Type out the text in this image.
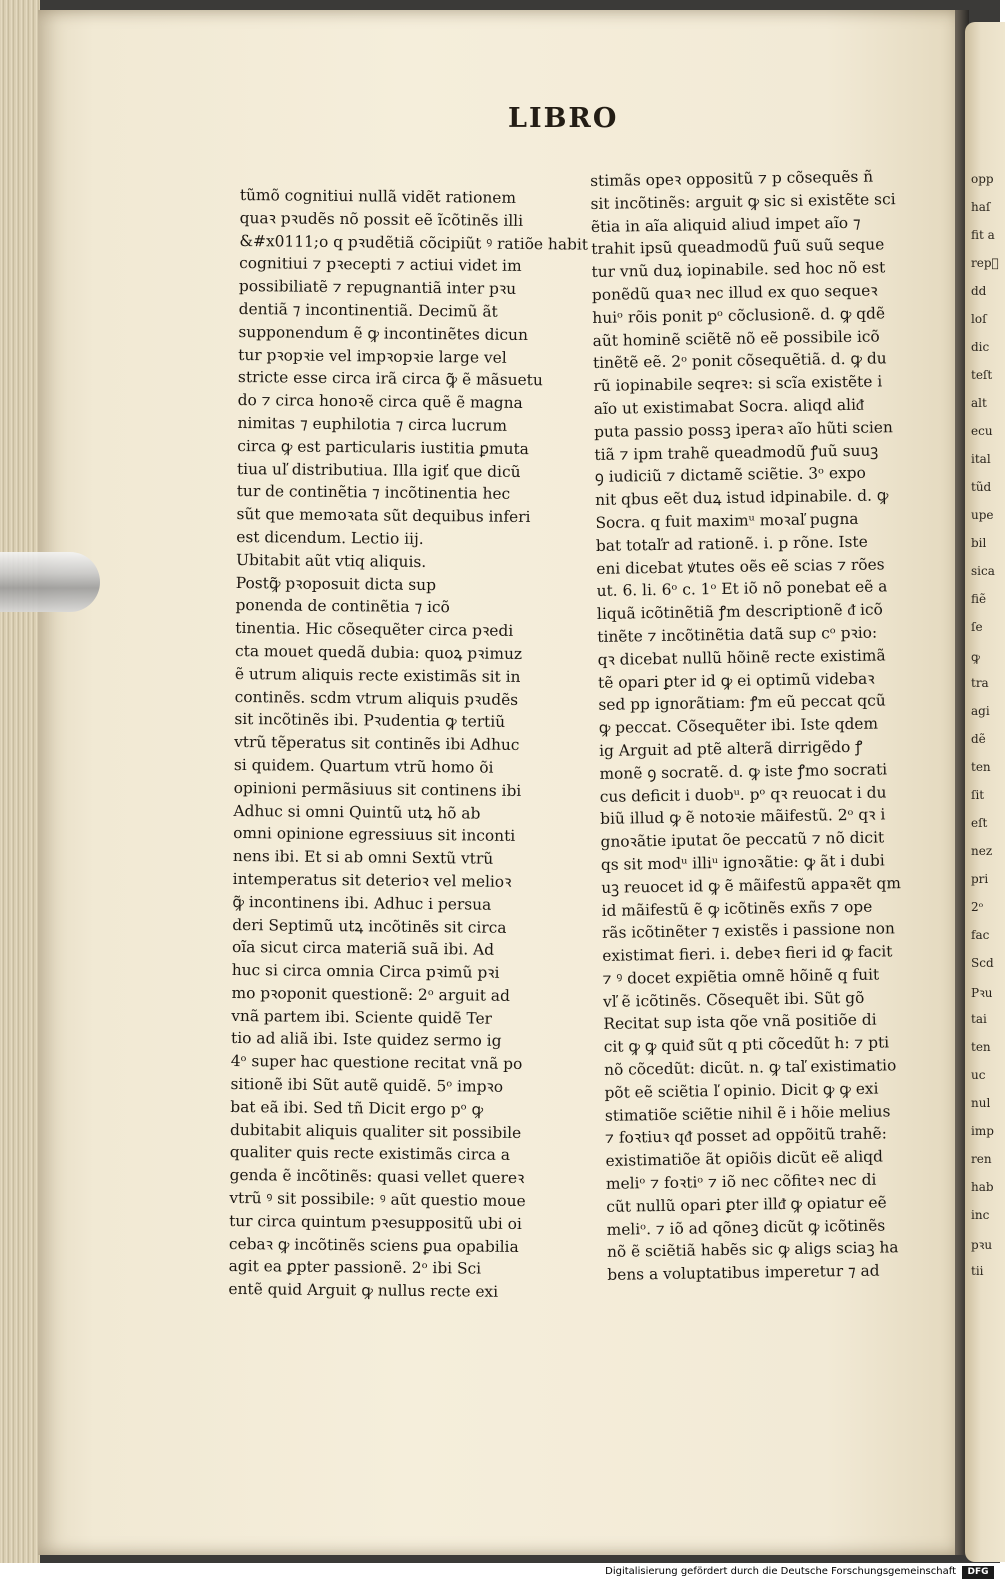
opp
haſ
fit a
repᷓ
dd
loſ
dic
teſt
alt
ecu
ital
tũd
upe
bil
sica
fiẽ
ſe
ꝙ
tra
agi
dẽ
ten
ſit
eſt
nez
pri
2ᵒ
fac
Scd
Pꝛu
tai
ten
uc
nul
imp
ren
hab
inc
pꝛu
tii
LIBRO
tũmõ cognitiui nullã vidẽt rationem
quaꝛ pꝛudẽs nõ possit eẽ ĩcõtinẽs illi
&#x0111;o q pꝛudẽtiã cõcipiũt ꝰ ratiõe habit
cognitiui ⁊ pꝛecepti ⁊ actiui videt im
possibiliatẽ ⁊ repugnantiã inter pꝛu
dentiã ⁊ incontinentiã. Decimũ ãt
supponendum ẽ ꝙ incontinẽtes dicun
tur pꝛopꝛie vel impꝛopꝛie large vel
stricte esse circa irã circa ꝙ̃ ẽ mãsuetu
do ⁊ circa honoꝛẽ circa quẽ ẽ magna
nimitas ⁊ euphilotia ⁊ circa lucrum
circa ꝙ est particularis iustitia ꝑmuta
tiua uľ distributiua. Illa igiť que dicũ
tur de continẽtia ⁊ incõtinentia hec
sũt que memoꝛata sũt dequibus inferi
est dicendum. Lectio iij.
Ubitabit aũt vtiq aliquis.
Postꝙ̃ pꝛoposuit dicta sup
ponenda de continẽtia ⁊ icõ
tinentia. Hic cõsequẽter circa pꝛedi
cta mouet quedã dubia: quoꝝ pꝛimuz
ẽ utrum aliquis recte existimãs sit in
continẽs. scdm vtrum aliquis pꝛudẽs
sit incõtinẽs ibi. Pꝛudentia ꝙ tertiũ
vtrũ tẽperatus sit continẽs ibi Adhuc
si quidem. Quartum vtrũ homo õi
opinioni permãsiuus sit continens ibi
Adhuc si omni Quintũ utꝝ hõ ab
omni opinione egressiuus sit inconti
nens ibi. Et si ab omni Sextũ vtrũ
intemperatus sit deterioꝛ vel melioꝛ
ꝙ̃ incontinens ibi. Adhuc i persua
deri Septimũ utꝝ incõtinẽs sit circa
oĩa sicut circa materiã suã ibi. Ad
huc si circa omnia Circa pꝛimũ pꝛi
mo pꝛoponit questionẽ: 2ᵒ arguit ad
vnã partem ibi. Sciente quidẽ Ter
tio ad aliã ibi. Iste quidez sermo ig
4ᵒ super hac questione recitat vnã po
sitionẽ ibi Sũt autẽ quidẽ. 5ᵒ impꝛo
bat eã ibi. Sed tñ Dicit ergo pᵒ ꝙ
dubitabit aliquis qualiter sit possibile
qualiter quis recte existimãs circa a
genda ẽ incõtinẽs: quasi vellet quereꝛ
vtrũ ꝰ sit possibile: ꝰ aũt questio moue
tur circa quintum pꝛesuppositũ ubi oi
cebaꝛ ꝙ incõtinẽs sciens ꝑua opabilia
agit ea ꝑpter passionẽ. 2ᵒ ibi Sci
entẽ quid Arguit ꝙ nullus recte exi
stimãs opeꝛ oppositũ ⁊ p cõsequẽs ñ
sit incõtinẽs: arguit ꝙ sic si existẽte sci
ẽtia in aĩa aliquid aliud impet aĩo ⁊
trahit ipsũ queadmodũ ꝭuũ suũ seque
tur vnũ duꝝ iopinabile. sed hoc nõ est
ponẽdũ quaꝛ nec illud ex quo sequeꝛ
huiᵒ rõis ponit pᵒ cõclusionẽ. d. ꝙ qdẽ
aũt hominẽ sciẽtẽ nõ eẽ possibile icõ
tinẽtẽ eẽ. 2ᵒ ponit cõsequẽtiã. d. ꝙ du
rũ iopinabile seqreꝛ: si scĩa existẽte i
aĩo ut existimabat Socra. aliqd aliᵭ
puta passio possꝫ iperaꝛ aĩo hũti scien
tiã ⁊ ipm trahẽ queadmodũ ꝭuũ suuꝫ
ꝯ iudiciũ ⁊ dictamẽ sciẽtie. 3ᵒ expo
nit qbus eẽt duꝝ istud idpinabile. d. ꝙ
Socra. q fuit maximᵘ moꝛaľ pugna
bat totaľr ad rationẽ. i. p rõne. Iste
eni dicebat ꝟtutes oẽs eẽ scias ⁊ rões
ut. 6. li. 6ᵒ c. 1ᵒ Et iõ nõ ponebat eẽ a
liquã icõtinẽtiã ꝭm descriptionẽ ᵭ icõ
tinẽte ⁊ incõtinẽtia datã sup cᵒ pꝛio:
qꝛ dicebat nullũ hõinẽ recte existimã
tẽ opari ꝑter id ꝙ ei optimũ videbaꝛ
sed pp ignorãtiam: ꝭm eũ peccat qcũ
ꝙ peccat. Cõsequẽter ibi. Iste qdem
ig Arguit ad ptẽ alterã dirrigẽdo ꝭ
monẽ ꝯ socratẽ. d. ꝙ iste ꝭmo socrati
cus deficit i duobᵘ. pᵒ qꝛ reuocat i du
biũ illud ꝙ ẽ notoꝛie mãifestũ. 2ᵒ qꝛ i
gnoꝛãtie iputat õe peccatũ ⁊ nõ dicit
qs sit modᵘ illiᵘ ignoꝛãtie: ꝙ ãt i dubi
uꝫ reuocet id ꝙ ẽ mãifestũ appaꝛẽt qm
id mãifestũ ẽ ꝙ icõtinẽs exñs ⁊ ope
rãs icõtinẽter ⁊ existẽs i passione non
existimat fieri. i. debeꝛ fieri id ꝙ facit
⁊ ꝰ docet expiẽtia omnẽ hõinẽ q fuit
vľ ẽ icõtinẽs. Cõsequẽt ibi. Sũt gõ
Recitat sup ista qõe vnã positiõe di
cit ꝙ ꝙ quiᵭ sũt q pti cõcedũt h: ⁊ pti
nõ cõcedũt: dicũt. n. ꝙ taľ existimatio
põt eẽ sciẽtia ľ opinio. Dicit ꝙ ꝙ exi
stimatiõe sciẽtie nihil ẽ i hõie melius
⁊ foꝛtiuꝛ qᵭ posset ad oppõitũ trahẽ:
existimatiõe ãt opiõis dicũt eẽ aliqd
meliᵒ ⁊ foꝛtiᵒ ⁊ iõ nec cõfiteꝛ nec di
cũt nullũ opari ꝑter illᵭ ꝙ opiatur eẽ
meliᵒ. ⁊ iõ ad qõneꝫ dicũt ꝙ icõtinẽs
nõ ẽ sciẽtiã habẽs sic ꝙ aligs sciaꝫ ha
bens a voluptatibus imperetur ⁊ ad
Digitalisierung gefördert durch die Deutsche Forschungsgemeinschaft	DFG
